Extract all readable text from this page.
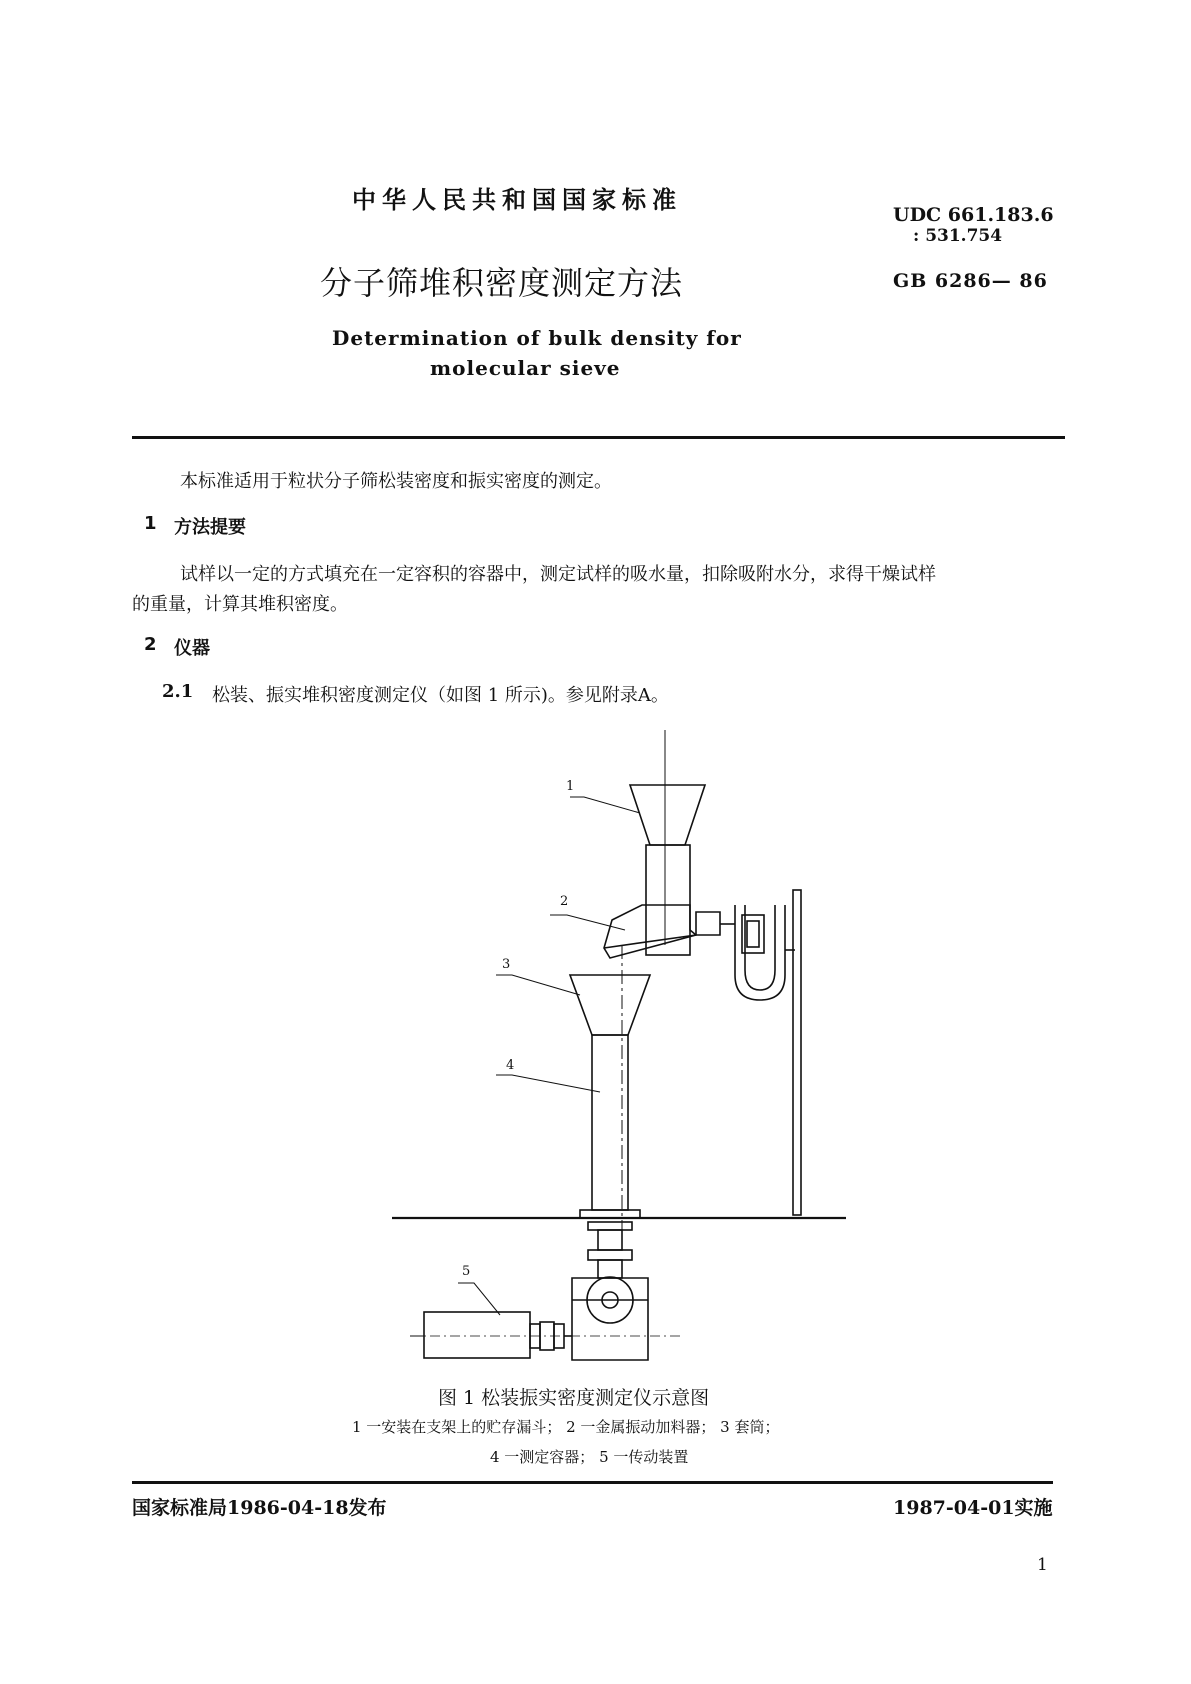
中华人民共和国国家标准
UDC 661.183.6
: 531.754
分子筛堆积密度测定方法	GB 6286— 86
Determination of bulk density for
molecular sieve
本标准适用于粒状分子筛松装密度和振实密度的测定。
1 方法提要
试样以一定的方式填充在一定容积的容器中，测定试样的吸水量，扣除吸附水分，求得干燥试样
的重量，计算其堆积密度。
2 仪器
2.1 松装、振实堆积密度测定仪（如图 1 所示)。参见附录A。
1
2
3
4
5
图 1 松装振实密度测定仪示意图
1 一安装在支架上的贮存漏斗； 2 一金属振动加料器； 3 套筒；
4 一测定容器； 5 一传动装置
国家标准局1986-04-18发布	1987-04-01实施
1
